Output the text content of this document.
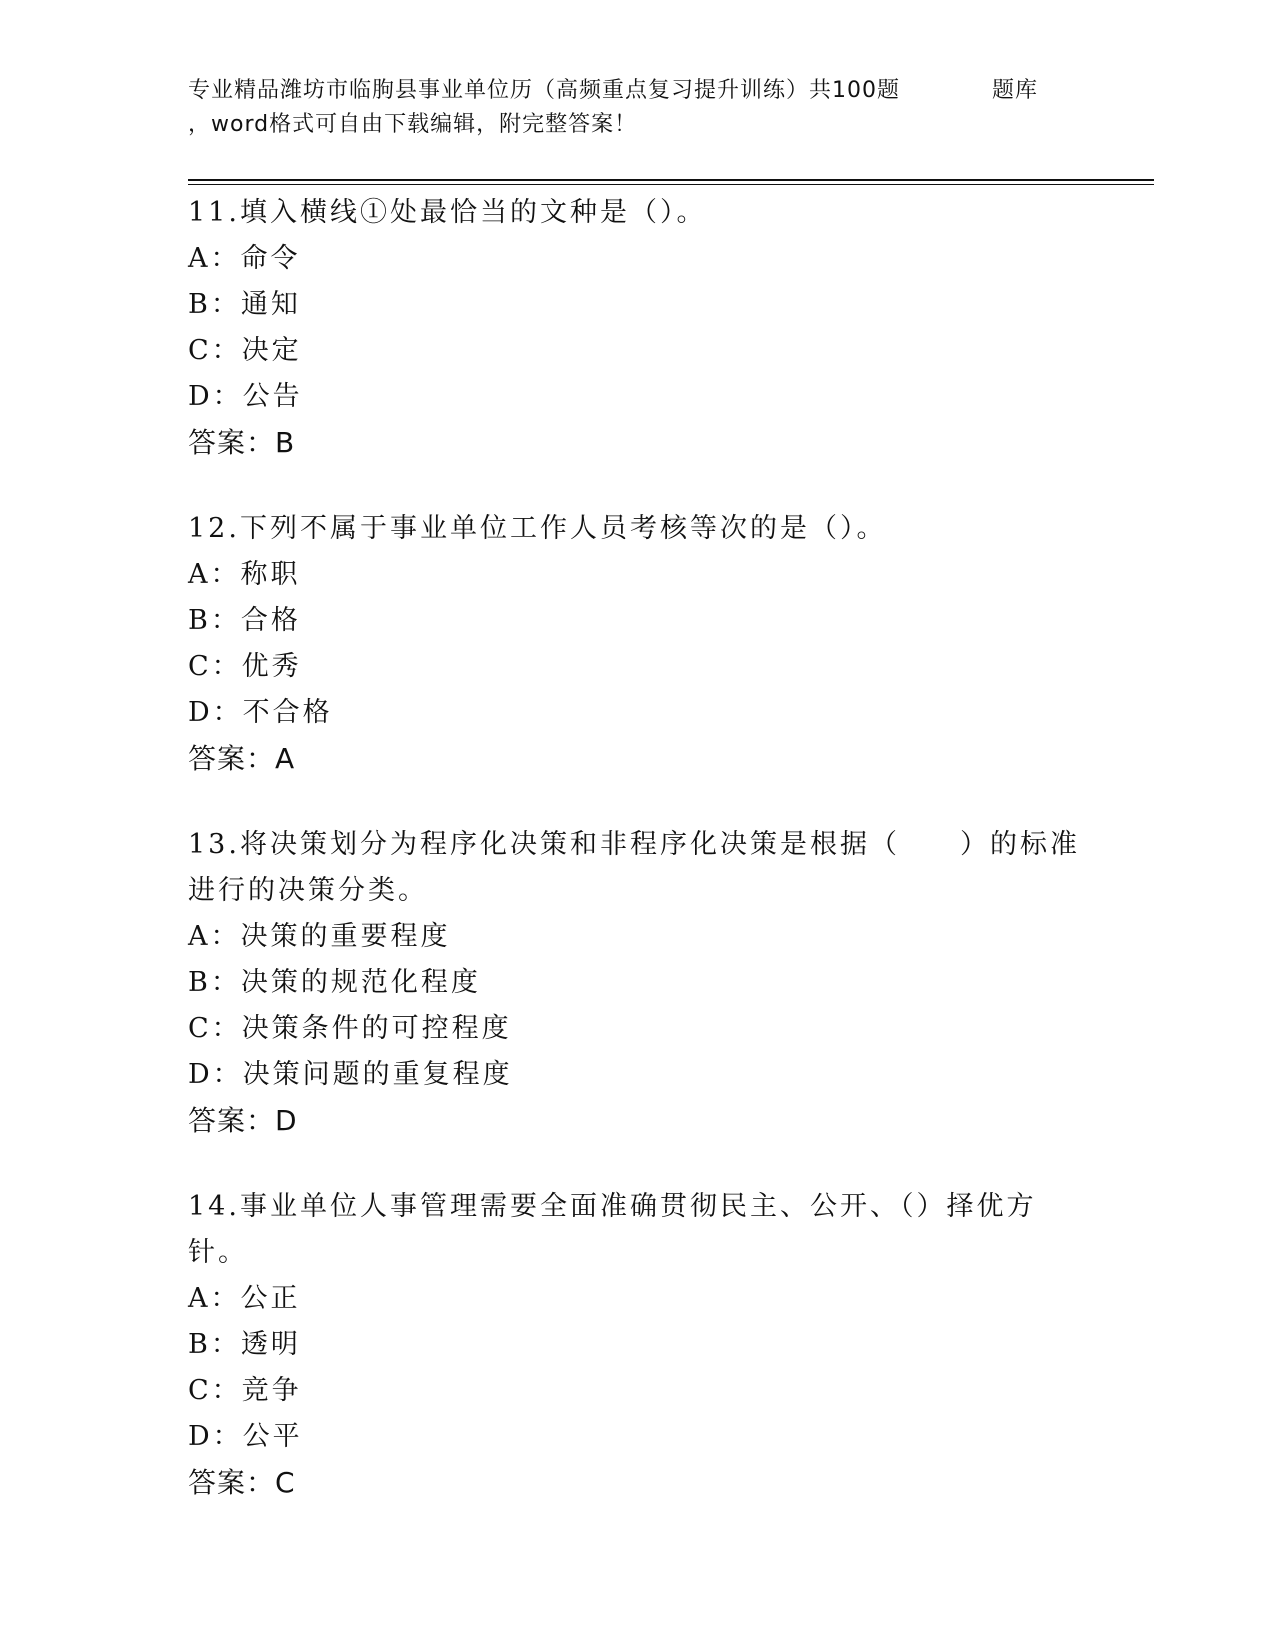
专业精品潍坊市临朐县事业单位历（高频重点复习提升训练）共100题	题库
，word格式可自由下载编辑，附完整答案！

11.填入横线①处最恰当的文种是（）。

A：命令
B：通知
C：决定
D：公告
答案：B

12.下列不属于事业单位工作人员考核等次的是（）。

A：称职
B：合格
C：优秀
D：不合格
答案：A

13.将决策划分为程序化决策和非程序化决策是根据（　　）的标准进行的决策分类。

A：决策的重要程度
B：决策的规范化程度
C：决策条件的可控程度
D：决策问题的重复程度
答案：D

14.事业单位人事管理需要全面准确贯彻民主、公开、（）择优方针。

A：公正
B：透明
C：竞争
D：公平
答案：C
